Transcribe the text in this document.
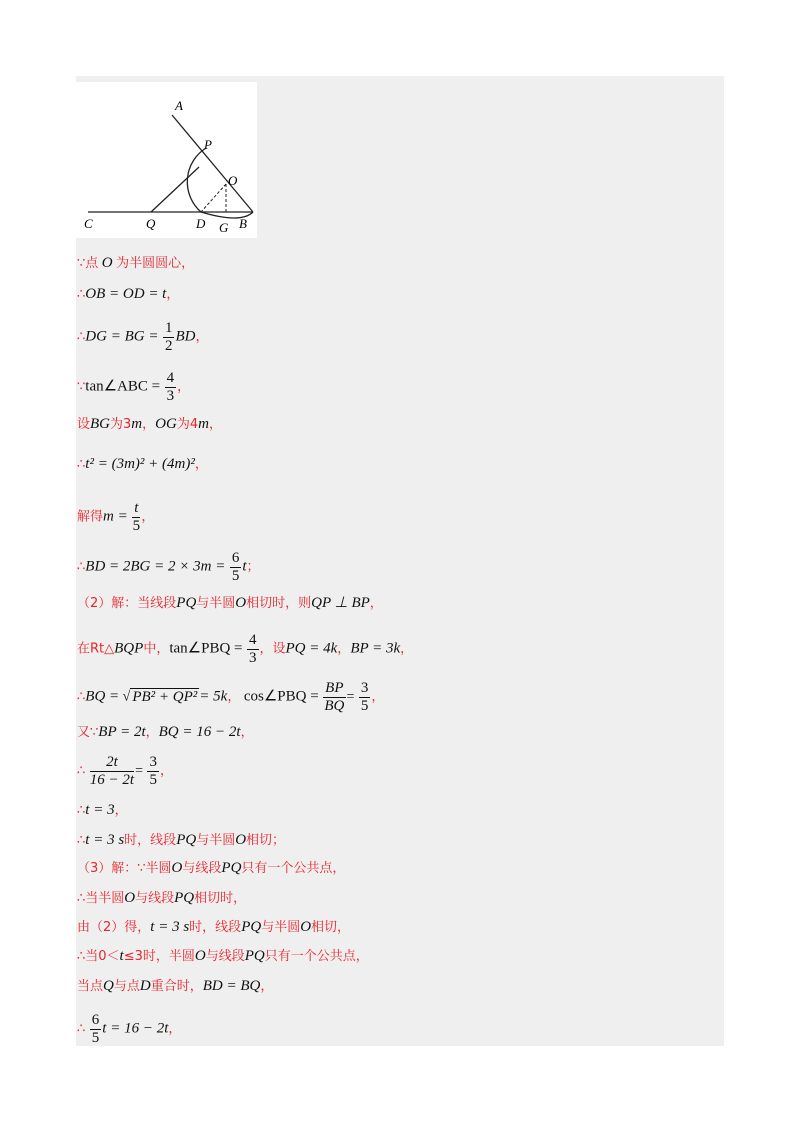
A
P
O
C	Q	D G B
∵点 O 为半圆圆心，
∴OB = OD = t，
∴DG = BG = $\frac{1}{2}$ BD，
∵tan∠ABC = $\frac{4}{3}$ ，
设BG为3m，OG为4m，
∴t² = (3m)² + (4m)²，
解得$m = \frac{t}{5}$ ，
∴BD = $2BG = 2 \times 3m = \frac{6}{5}$ t；
（2）解：当线段PQ与半圆O相切时，则QP ⊥ BP，
在Rt△BQP中，tan∠PBQ = $\frac{4}{3}$ ，设PQ = 4k，BP = 3k，
∴BQ = √ PB² + QP² = 5k， cos∠PBQ = $\frac{BP}{BQ} = \frac{3}{5}$ ，
又∵BP = 2t，BQ = 16 − 2t，
∴ $\frac{2t}{16 - 2t} = \frac{3}{5}$ ，
∴t = 3，
∴t = 3 s时，线段PQ与半圆O相切；
（3）解：∵半圆O与线段PQ只有一个公共点，
∴当半圆O与线段PQ相切时，
由（2）得，t = 3 s时，线段PQ与半圆O相切，
∴当0＜t≤3时，半圆O与线段PQ只有一个公共点，
当点Q与点D重合时，BD = BQ，
∴ $\frac{6}{5}$ t = 16 − 2t，
